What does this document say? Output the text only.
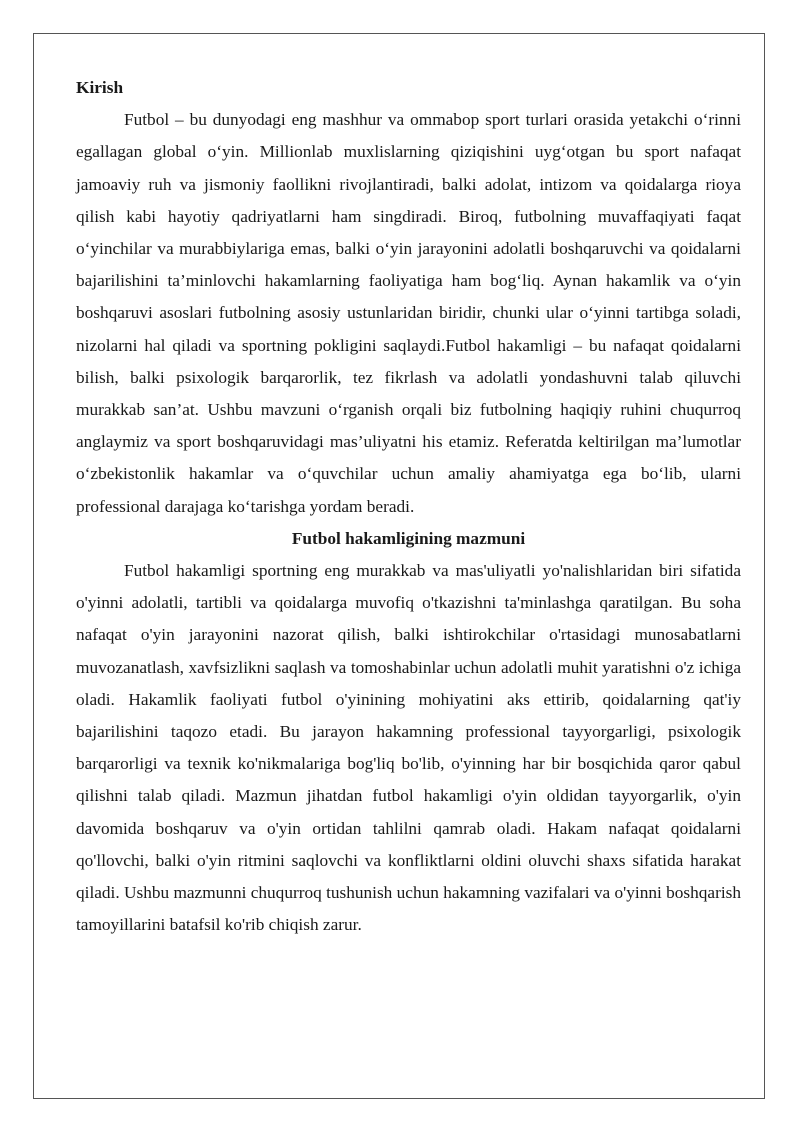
Kirish

Futbol – bu dunyodagi eng mashhur va ommabop sport turlari orasida yetakchi o‘rinni egallagan global o‘yin. Millionlab muxlislarning qiziqishini uyg‘otgan bu sport nafaqat jamoaviy ruh va jismoniy faollikni rivojlantiradi, balki adolat, intizom va qoidalarga rioya qilish kabi hayotiy qadriyatlarni ham singdiradi. Biroq, futbolning muvaffaqiyati faqat o‘yinchilar va murabbiylariga emas, balki o‘yin jarayonini adolatli boshqaruvchi va qoidalarni bajarilishini ta’minlovchi hakamlarning faoliyatiga ham bog‘liq. Aynan hakamlik va o‘yin boshqaruvi asoslari futbolning asosiy ustunlaridan biridir, chunki ular o‘yinni tartibga soladi, nizolarni hal qiladi va sportning pokligini saqlaydi.Futbol hakamligi – bu nafaqat qoidalarni bilish, balki psixologik barqarorlik, tez fikrlash va adolatli yondashuvni talab qiluvchi murakkab san’at. Ushbu mavzuni o‘rganish orqali biz futbolning haqiqiy ruhini chuqurroq anglaymiz va sport boshqaruvidagi mas’uliyatni his etamiz. Referatda keltirilgan ma’lumotlar o‘zbekistonlik hakamlar va o‘quvchilar uchun amaliy ahamiyatga ega bo‘lib, ularni professional darajaga ko‘tarishga yordam beradi.

Futbol hakamligining mazmuni

Futbol hakamligi sportning eng murakkab va mas'uliyatli yo'nalishlaridan biri sifatida o'yinni adolatli, tartibli va qoidalarga muvofiq o'tkazishni ta'minlashga qaratilgan. Bu soha nafaqat o'yin jarayonini nazorat qilish, balki ishtirokchilar o'rtasidagi munosabatlarni muvozanatlash, xavfsizlikni saqlash va tomoshabinlar uchun adolatli muhit yaratishni o'z ichiga oladi. Hakamlik faoliyati futbol o'yinining mohiyatini aks ettirib, qoidalarning qat'iy bajarilishini taqozo etadi. Bu jarayon hakamning professional tayyorgarligi, psixologik barqarorligi va texnik ko'nikmalariga bog'liq bo'lib, o'yinning har bir bosqichida qaror qabul qilishni talab qiladi. Mazmun jihatdan futbol hakamligi o'yin oldidan tayyorgarlik, o'yin davomida boshqaruv va o'yin ortidan tahlilni qamrab oladi. Hakam nafaqat qoidalarni qo'llovchi, balki o'yin ritmini saqlovchi va konfliktlarni oldini oluvchi shaxs sifatida harakat qiladi. Ushbu mazmunni chuqurroq tushunish uchun hakamning vazifalari va o'yinni boshqarish tamoyillarini batafsil ko'rib chiqish zarur.
